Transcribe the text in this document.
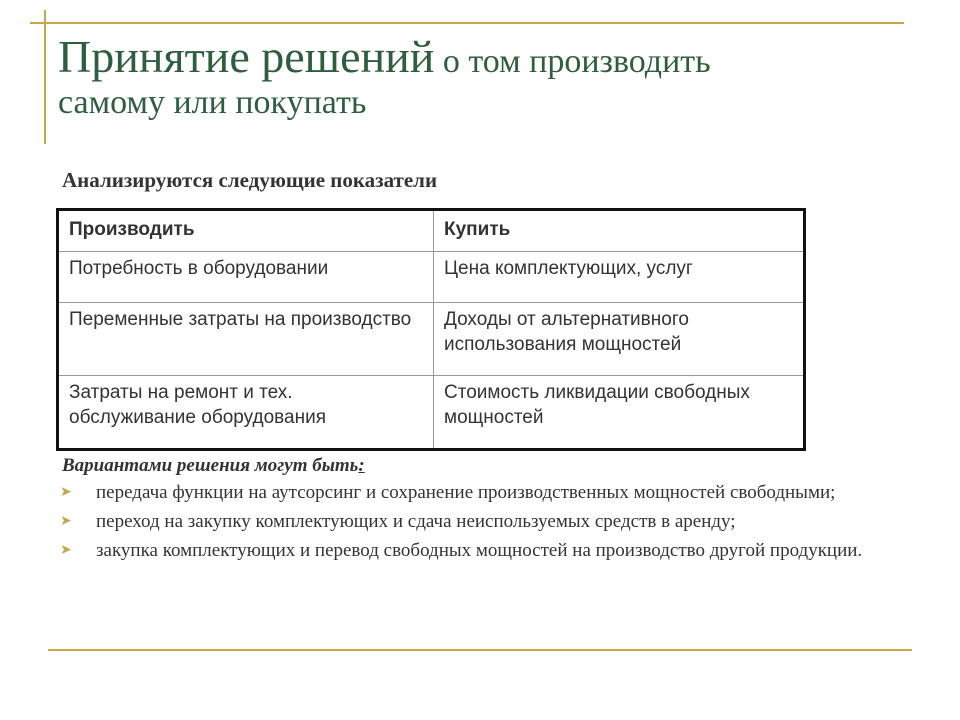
Принятие решений о том производить
самому или покупать
Анализируются следующие показатели
Производить	Купить
Потребность в оборудовании	Цена комплектующих, услуг
Переменные затраты на производство	Доходы от альтернативного использования мощностей
Затраты на ремонт и тех. обслуживание оборудования	Стоимость ликвидации свободных мощностей
Вариантами решения могут быть:
➤ передача функции на аутсорсинг и сохранение производственных мощностей свободными;
➤ переход на закупку комплектующих и сдача неиспользуемых средств в аренду;
➤ закупка комплектующих и перевод свободных мощностей на производство другой продукции.
